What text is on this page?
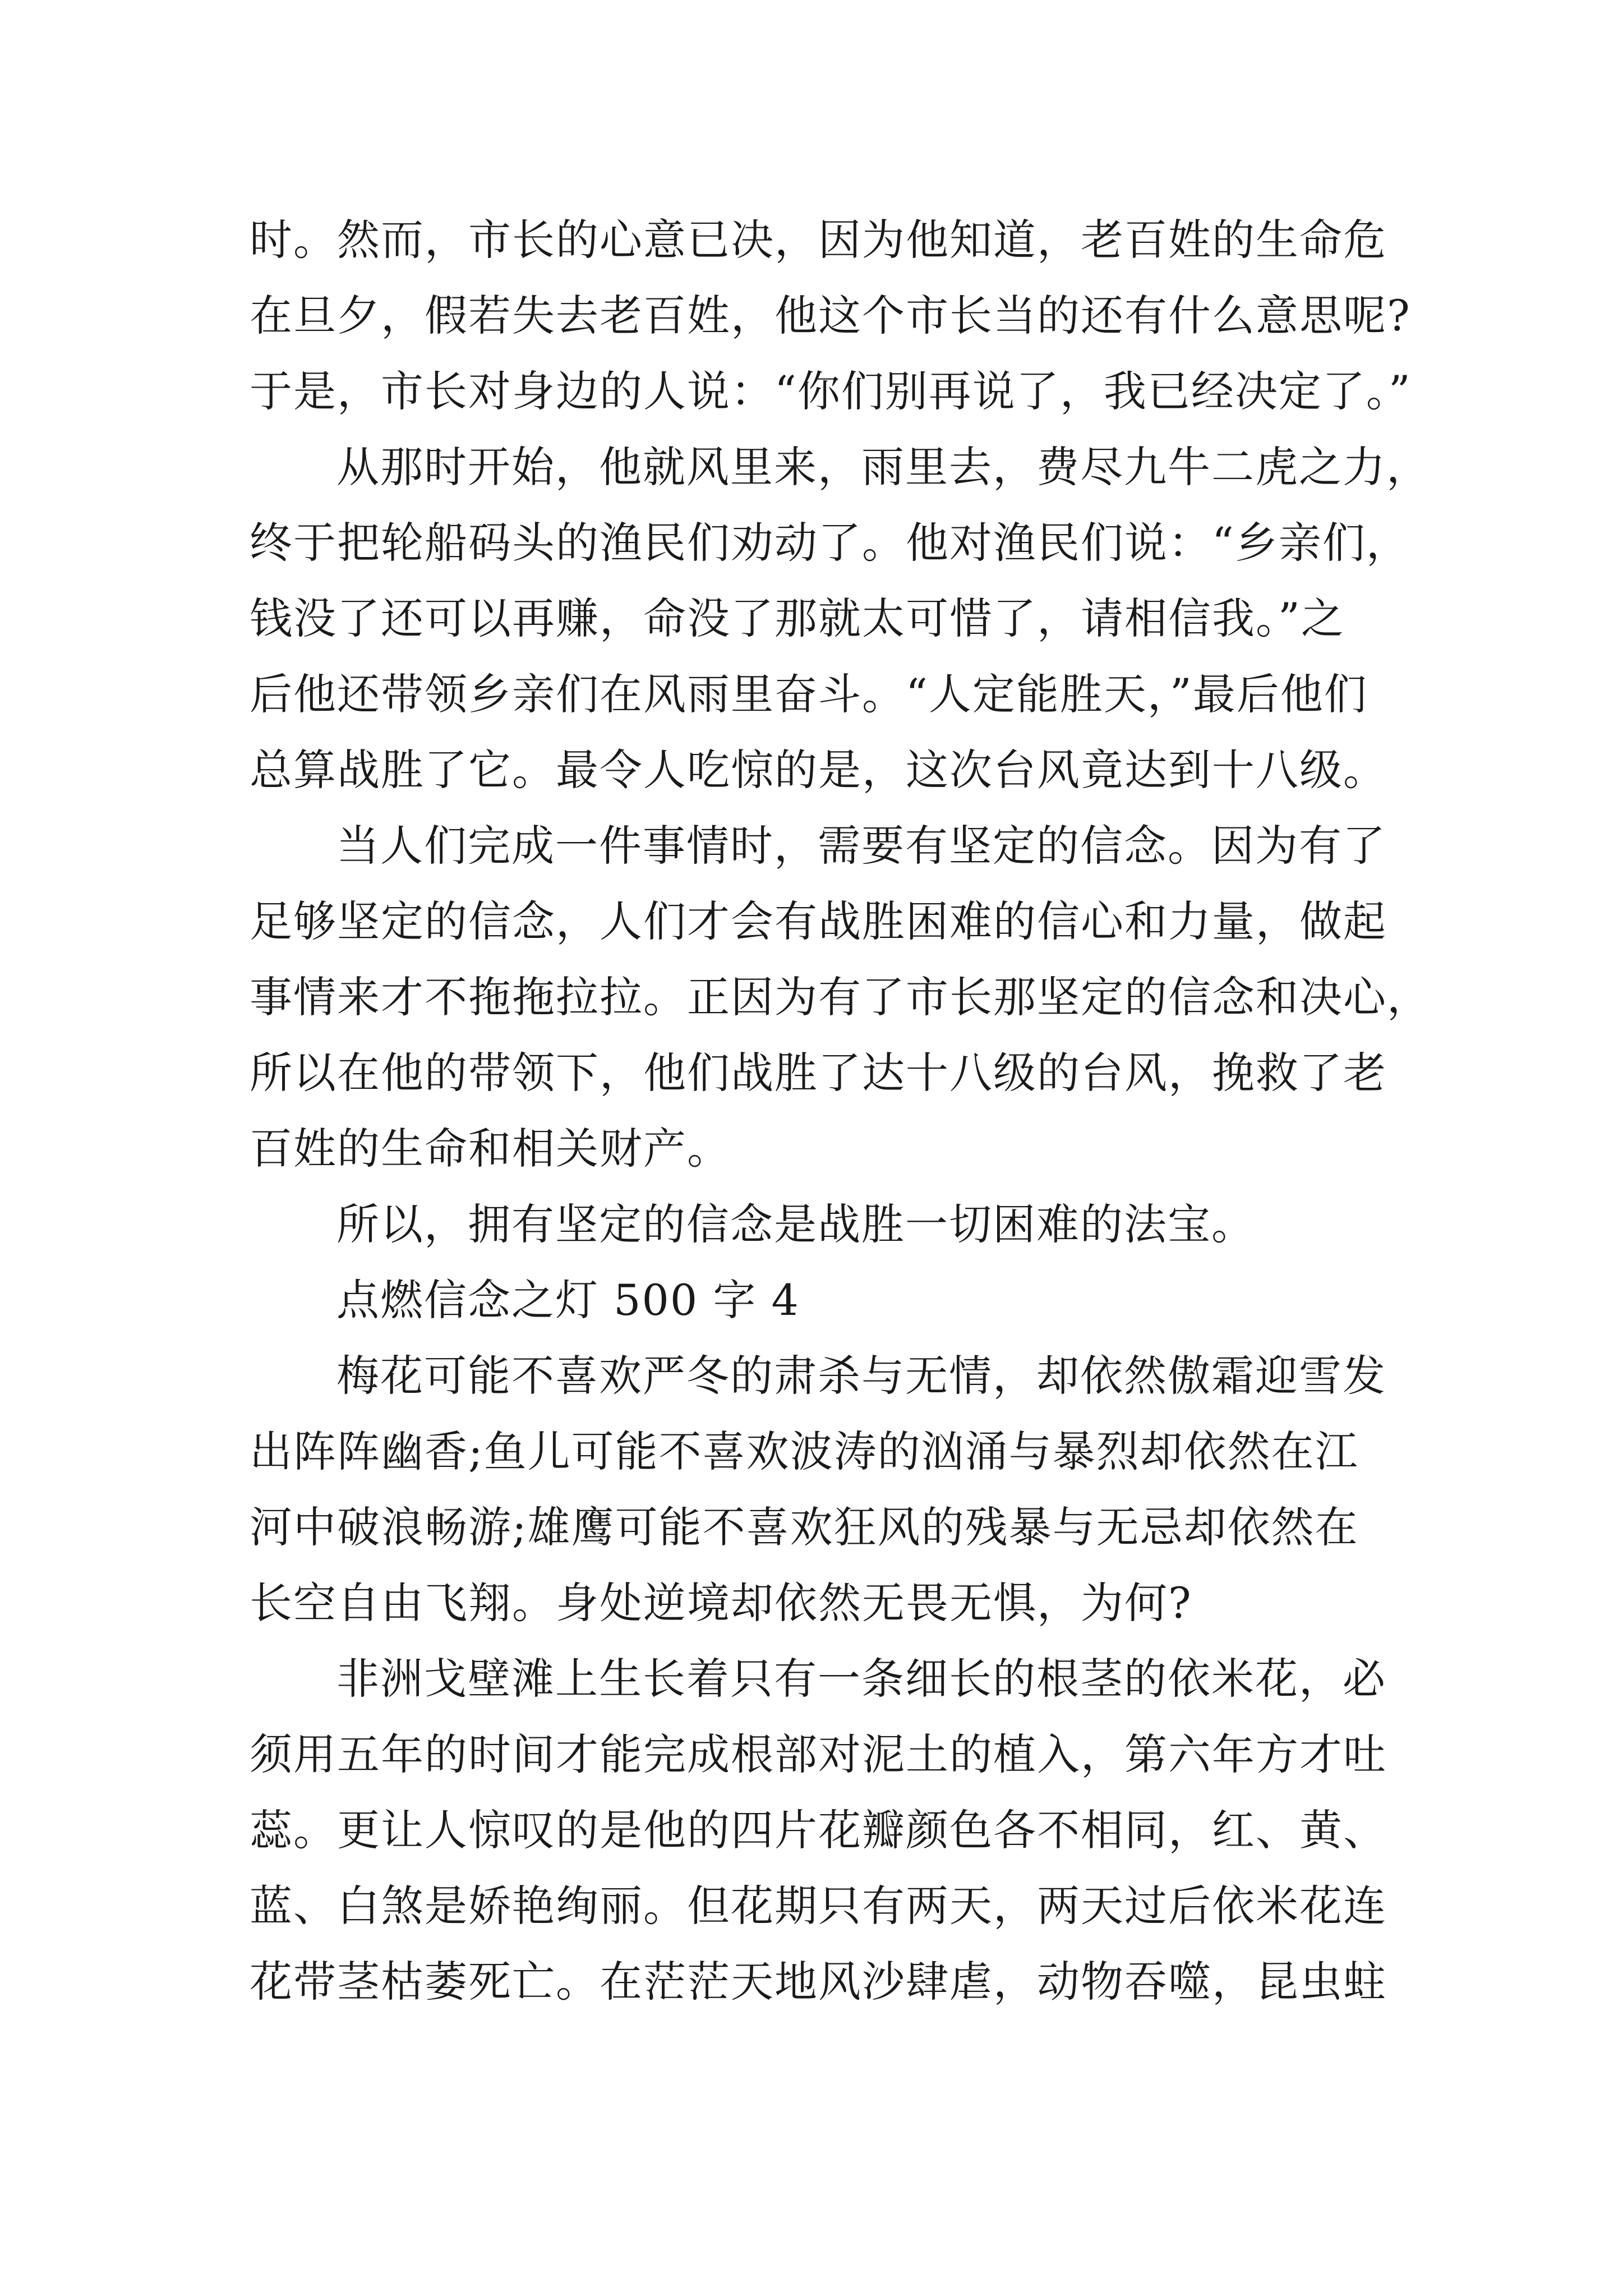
时。然而，市长的心意已决，因为他知道，老百姓的生命危
在旦夕，假若失去老百姓，他这个市长当的还有什么意思呢?
于是，市长对身边的人说：“你们别再说了，我已经决定了。”
从那时开始，他就风里来，雨里去，费尽九牛二虎之力，
终于把轮船码头的渔民们劝动了。他对渔民们说：“乡亲们，
钱没了还可以再赚，命没了那就太可惜了，请相信我。”之
后他还带领乡亲们在风雨里奋斗。“人定能胜天，”最后他们
总算战胜了它。最令人吃惊的是，这次台风竟达到十八级。
当人们完成一件事情时，需要有坚定的信念。因为有了
足够坚定的信念，人们才会有战胜困难的信心和力量，做起
事情来才不拖拖拉拉。正因为有了市长那坚定的信念和决心，
所以在他的带领下，他们战胜了达十八级的台风，挽救了老
百姓的生命和相关财产。
所以，拥有坚定的信念是战胜一切困难的法宝。
点燃信念之灯 500 字 4
梅花可能不喜欢严冬的肃杀与无情，却依然傲霜迎雪发
出阵阵幽香;鱼儿可能不喜欢波涛的汹涌与暴烈却依然在江
河中破浪畅游;雄鹰可能不喜欢狂风的残暴与无忌却依然在
长空自由飞翔。身处逆境却依然无畏无惧，为何?
非洲戈壁滩上生长着只有一条细长的根茎的依米花，必
须用五年的时间才能完成根部对泥土的植入，第六年方才吐
蕊。更让人惊叹的是他的四片花瓣颜色各不相同，红、黄、
蓝、白煞是娇艳绚丽。但花期只有两天，两天过后依米花连
花带茎枯萎死亡。在茫茫天地风沙肆虐，动物吞噬，昆虫蛀
